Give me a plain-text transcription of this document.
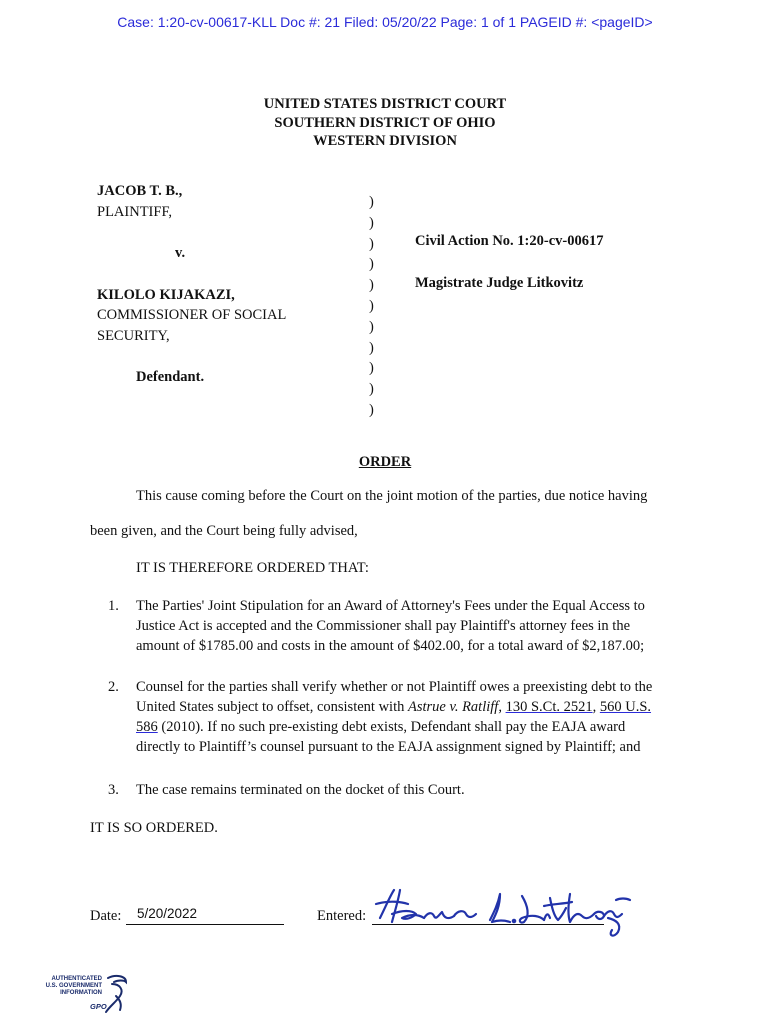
Case: 1:20-cv-00617-KLL Doc #: 21 Filed: 05/20/22 Page: 1 of 1 PAGEID #: <pageID>
UNITED STATES DISTRICT COURT
SOUTHERN DISTRICT OF OHIO
WESTERN DIVISION
JACOB T. B.,
PLAINTIFF,
v.
KILOLO KIJAKAZI,
COMMISSIONER OF SOCIAL
SECURITY,
Defendant.
)
)
)
)
)
)
)
)
)
)
)
Civil Action No. 1:20-cv-00617
Magistrate Judge Litkovitz
ORDER
This cause coming before the Court on the joint motion of the parties, due notice having
been given, and the Court being fully advised,
IT IS THEREFORE ORDERED THAT:
1.	The Parties' Joint Stipulation for an Award of Attorney's Fees under the Equal Access to
Justice Act is accepted and the Commissioner shall pay Plaintiff's attorney fees in the
amount of $1785.00 and costs in the amount of $402.00, for a total award of $2,187.00;
2.	Counsel for the parties shall verify whether or not Plaintiff owes a preexisting debt to the
United States subject to offset, consistent with Astrue v. Ratliff, 130 S.Ct. 2521, 560 U.S.
586 (2010). If no such pre-existing debt exists, Defendant shall pay the EAJA award
directly to Plaintiff’s counsel pursuant to the EAJA assignment signed by Plaintiff; and
3.	The case remains terminated on the docket of this Court.
IT IS SO ORDERED.
Date: 5/20/2022	Entered:
AUTHENTICATED
U.S. GOVERNMENT
INFORMATION
GPO
